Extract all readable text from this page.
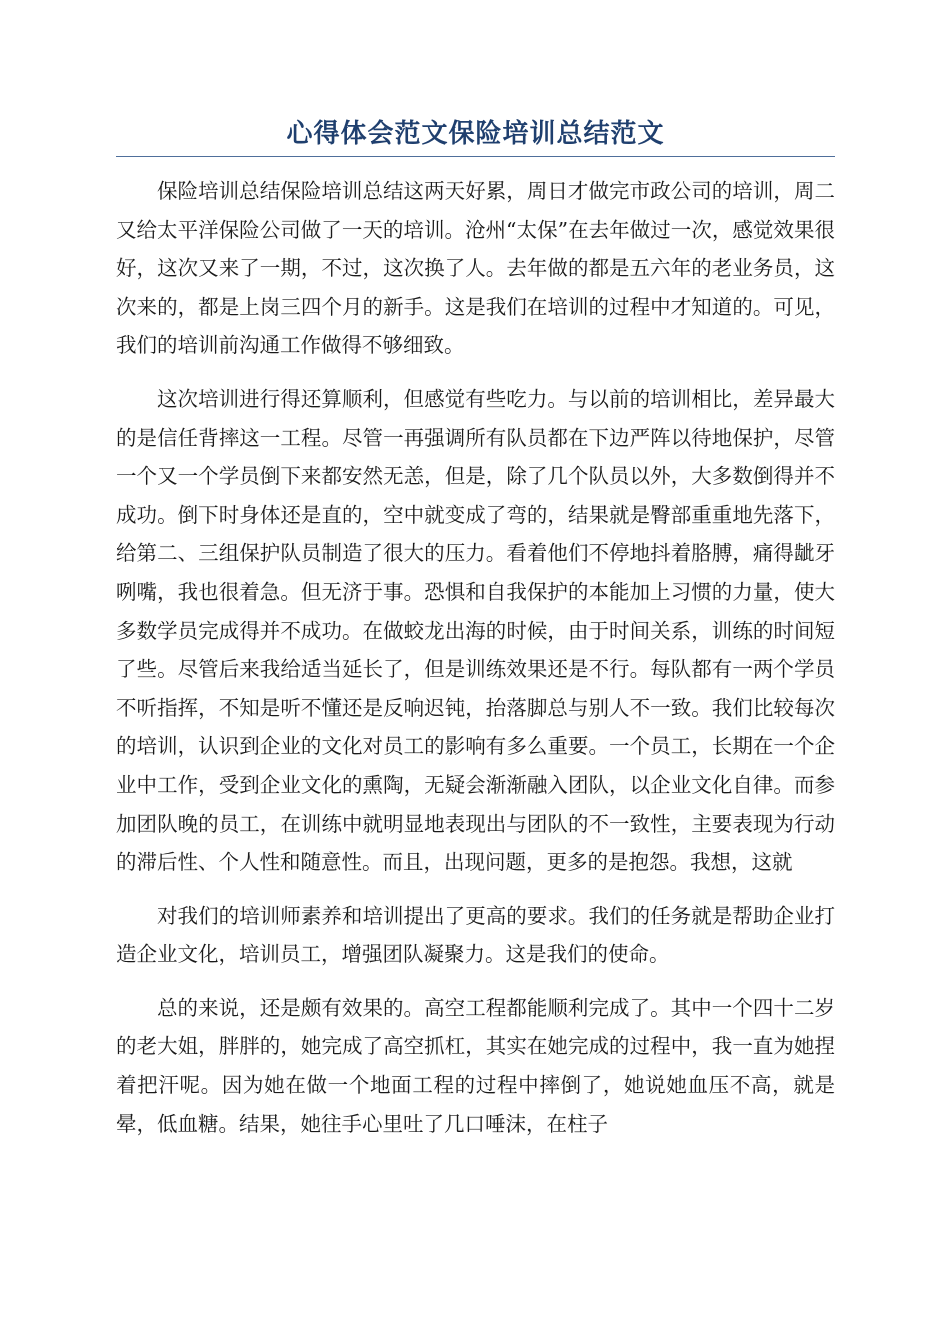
心得体会范文保险培训总结范文

保险培训总结保险培训总结这两天好累，周日才做完市政公司的培训，周二又给太平洋保险公司做了一天的培训。沧州“太保”在去年做过一次，感觉效果很好，这次又来了一期，不过，这次换了人。去年做的都是五六年的老业务员，这次来的，都是上岗三四个月的新手。这是我们在培训的过程中才知道的。可见，我们的培训前沟通工作做得不够细致。

这次培训进行得还算顺利，但感觉有些吃力。与以前的培训相比，差异最大的是信任背摔这一工程。尽管一再强调所有队员都在下边严阵以待地保护，尽管一个又一个学员倒下来都安然无恙，但是，除了几个队员以外，大多数倒得并不成功。倒下时身体还是直的，空中就变成了弯的，结果就是臀部重重地先落下，给第二、三组保护队员制造了很大的压力。看着他们不停地抖着胳膊，痛得龇牙咧嘴，我也很着急。但无济于事。恐惧和自我保护的本能加上习惯的力量，使大多数学员完成得并不成功。在做蛟龙出海的时候，由于时间关系，训练的时间短了些。尽管后来我给适当延长了，但是训练效果还是不行。每队都有一两个学员不听指挥，不知是听不懂还是反响迟钝，抬落脚总与别人不一致。我们比较每次的培训，认识到企业的文化对员工的影响有多么重要。一个员工，长期在一个企业中工作，受到企业文化的熏陶，无疑会渐渐融入团队，以企业文化自律。而参加团队晚的员工，在训练中就明显地表现出与团队的不一致性，主要表现为行动的滞后性、个人性和随意性。而且，出现问题，更多的是抱怨。我想，这就

对我们的培训师素养和培训提出了更高的要求。我们的任务就是帮助企业打造企业文化，培训员工，增强团队凝聚力。这是我们的使命。

总的来说，还是颇有效果的。高空工程都能顺利完成了。其中一个四十二岁的老大姐，胖胖的，她完成了高空抓杠，其实在她完成的过程中，我一直为她捏着把汗呢。因为她在做一个地面工程的过程中摔倒了，她说她血压不高，就是晕，低血糖。结果，她往手心里吐了几口唾沫，在柱子
